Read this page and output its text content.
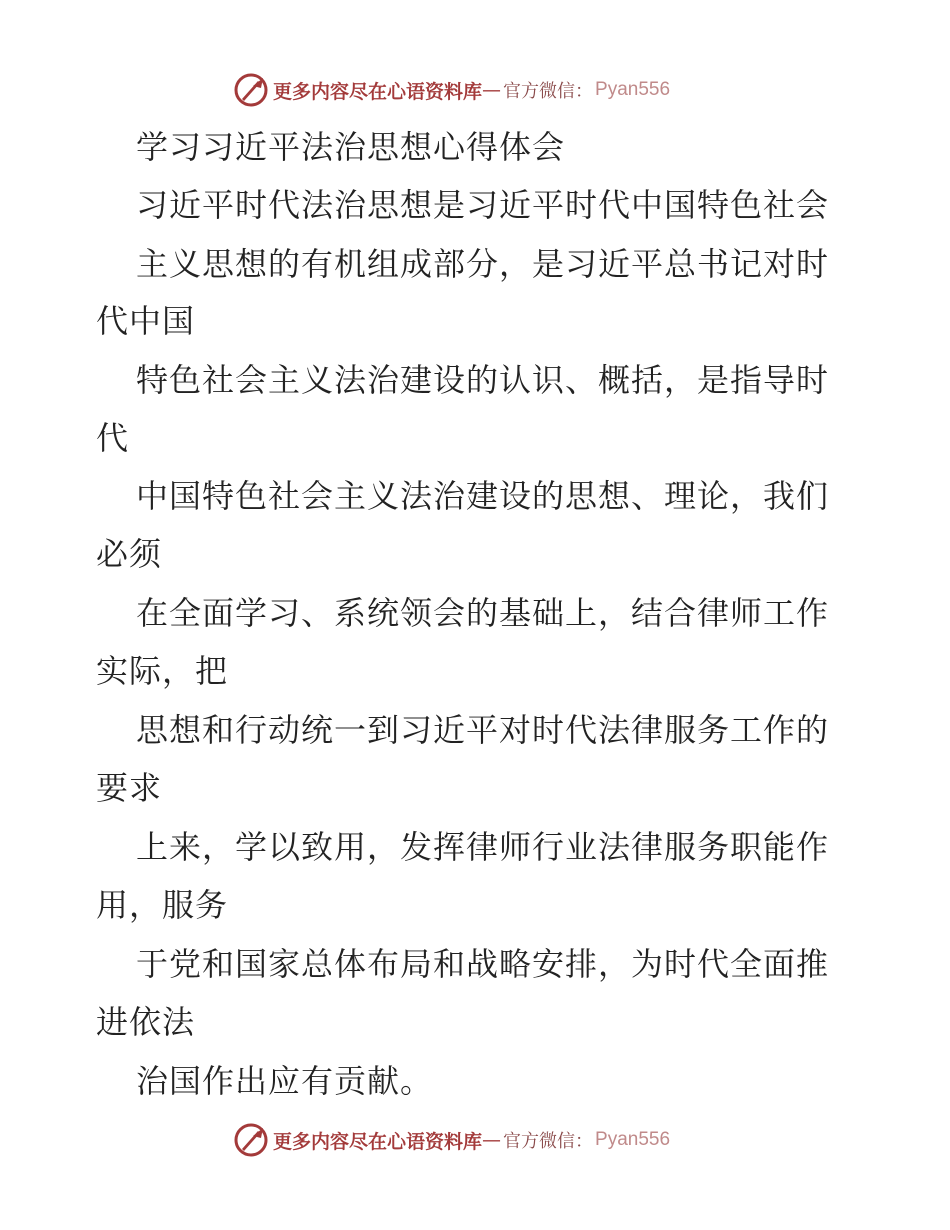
更多内容尽在心语资料库 — 官方微信： Pyan556
学习习近平法治思想心得体会
习近平时代法治思想是习近平时代中国特色社会
主义思想的有机组成部分，是习近平总书记对时
代中国
特色社会主义法治建设的认识、概括，是指导时
代
中国特色社会主义法治建设的思想、理论，我们
必须
在全面学习、系统领会的基础上，结合律师工作
实际，把
思想和行动统一到习近平对时代法律服务工作的
要求
上来，学以致用，发挥律师行业法律服务职能作
用，服务
于党和国家总体布局和战略安排，为时代全面推
进依法
治国作出应有贡献。
更多内容尽在心语资料库 — 官方微信： Pyan556
